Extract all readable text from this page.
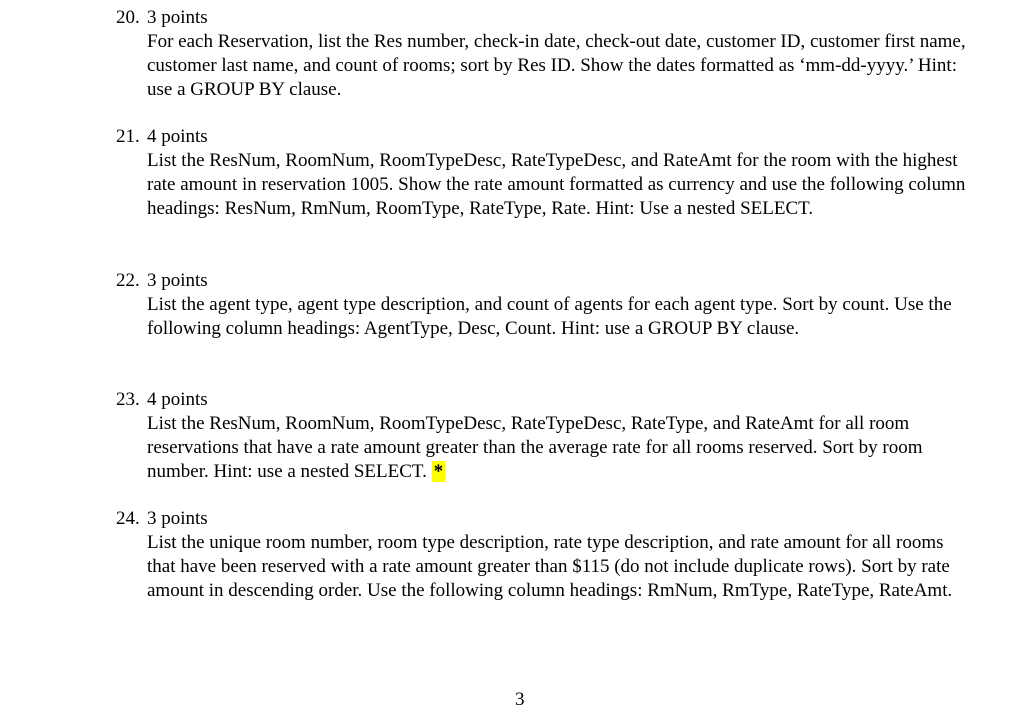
20. 3 points
For each Reservation, list the Res number, check-in date, check-out date, customer ID, customer first name, customer last name, and count of rooms; sort by Res ID. Show the dates formatted as ‘mm-dd-yyyy.’ Hint: use a GROUP BY clause.
21. 4 points
List the ResNum, RoomNum, RoomTypeDesc, RateTypeDesc, and RateAmt for the room with the highest rate amount in reservation 1005. Show the rate amount formatted as currency and use the following column headings: ResNum, RmNum, RoomType, RateType, Rate. Hint: Use a nested SELECT.
22. 3 points
List the agent type, agent type description, and count of agents for each agent type. Sort by count. Use the following column headings: AgentType, Desc, Count. Hint: use a GROUP BY clause.
23. 4 points
List the ResNum, RoomNum, RoomTypeDesc, RateTypeDesc, RateType, and RateAmt for all room reservations that have a rate amount greater than the average rate for all rooms reserved. Sort by room number. Hint: use a nested SELECT. *
24. 3 points
List the unique room number, room type description, rate type description, and rate amount for all rooms that have been reserved with a rate amount greater than $115 (do not include duplicate rows). Sort by rate amount in descending order. Use the following column headings: RmNum, RmType, RateType, RateAmt.
3
